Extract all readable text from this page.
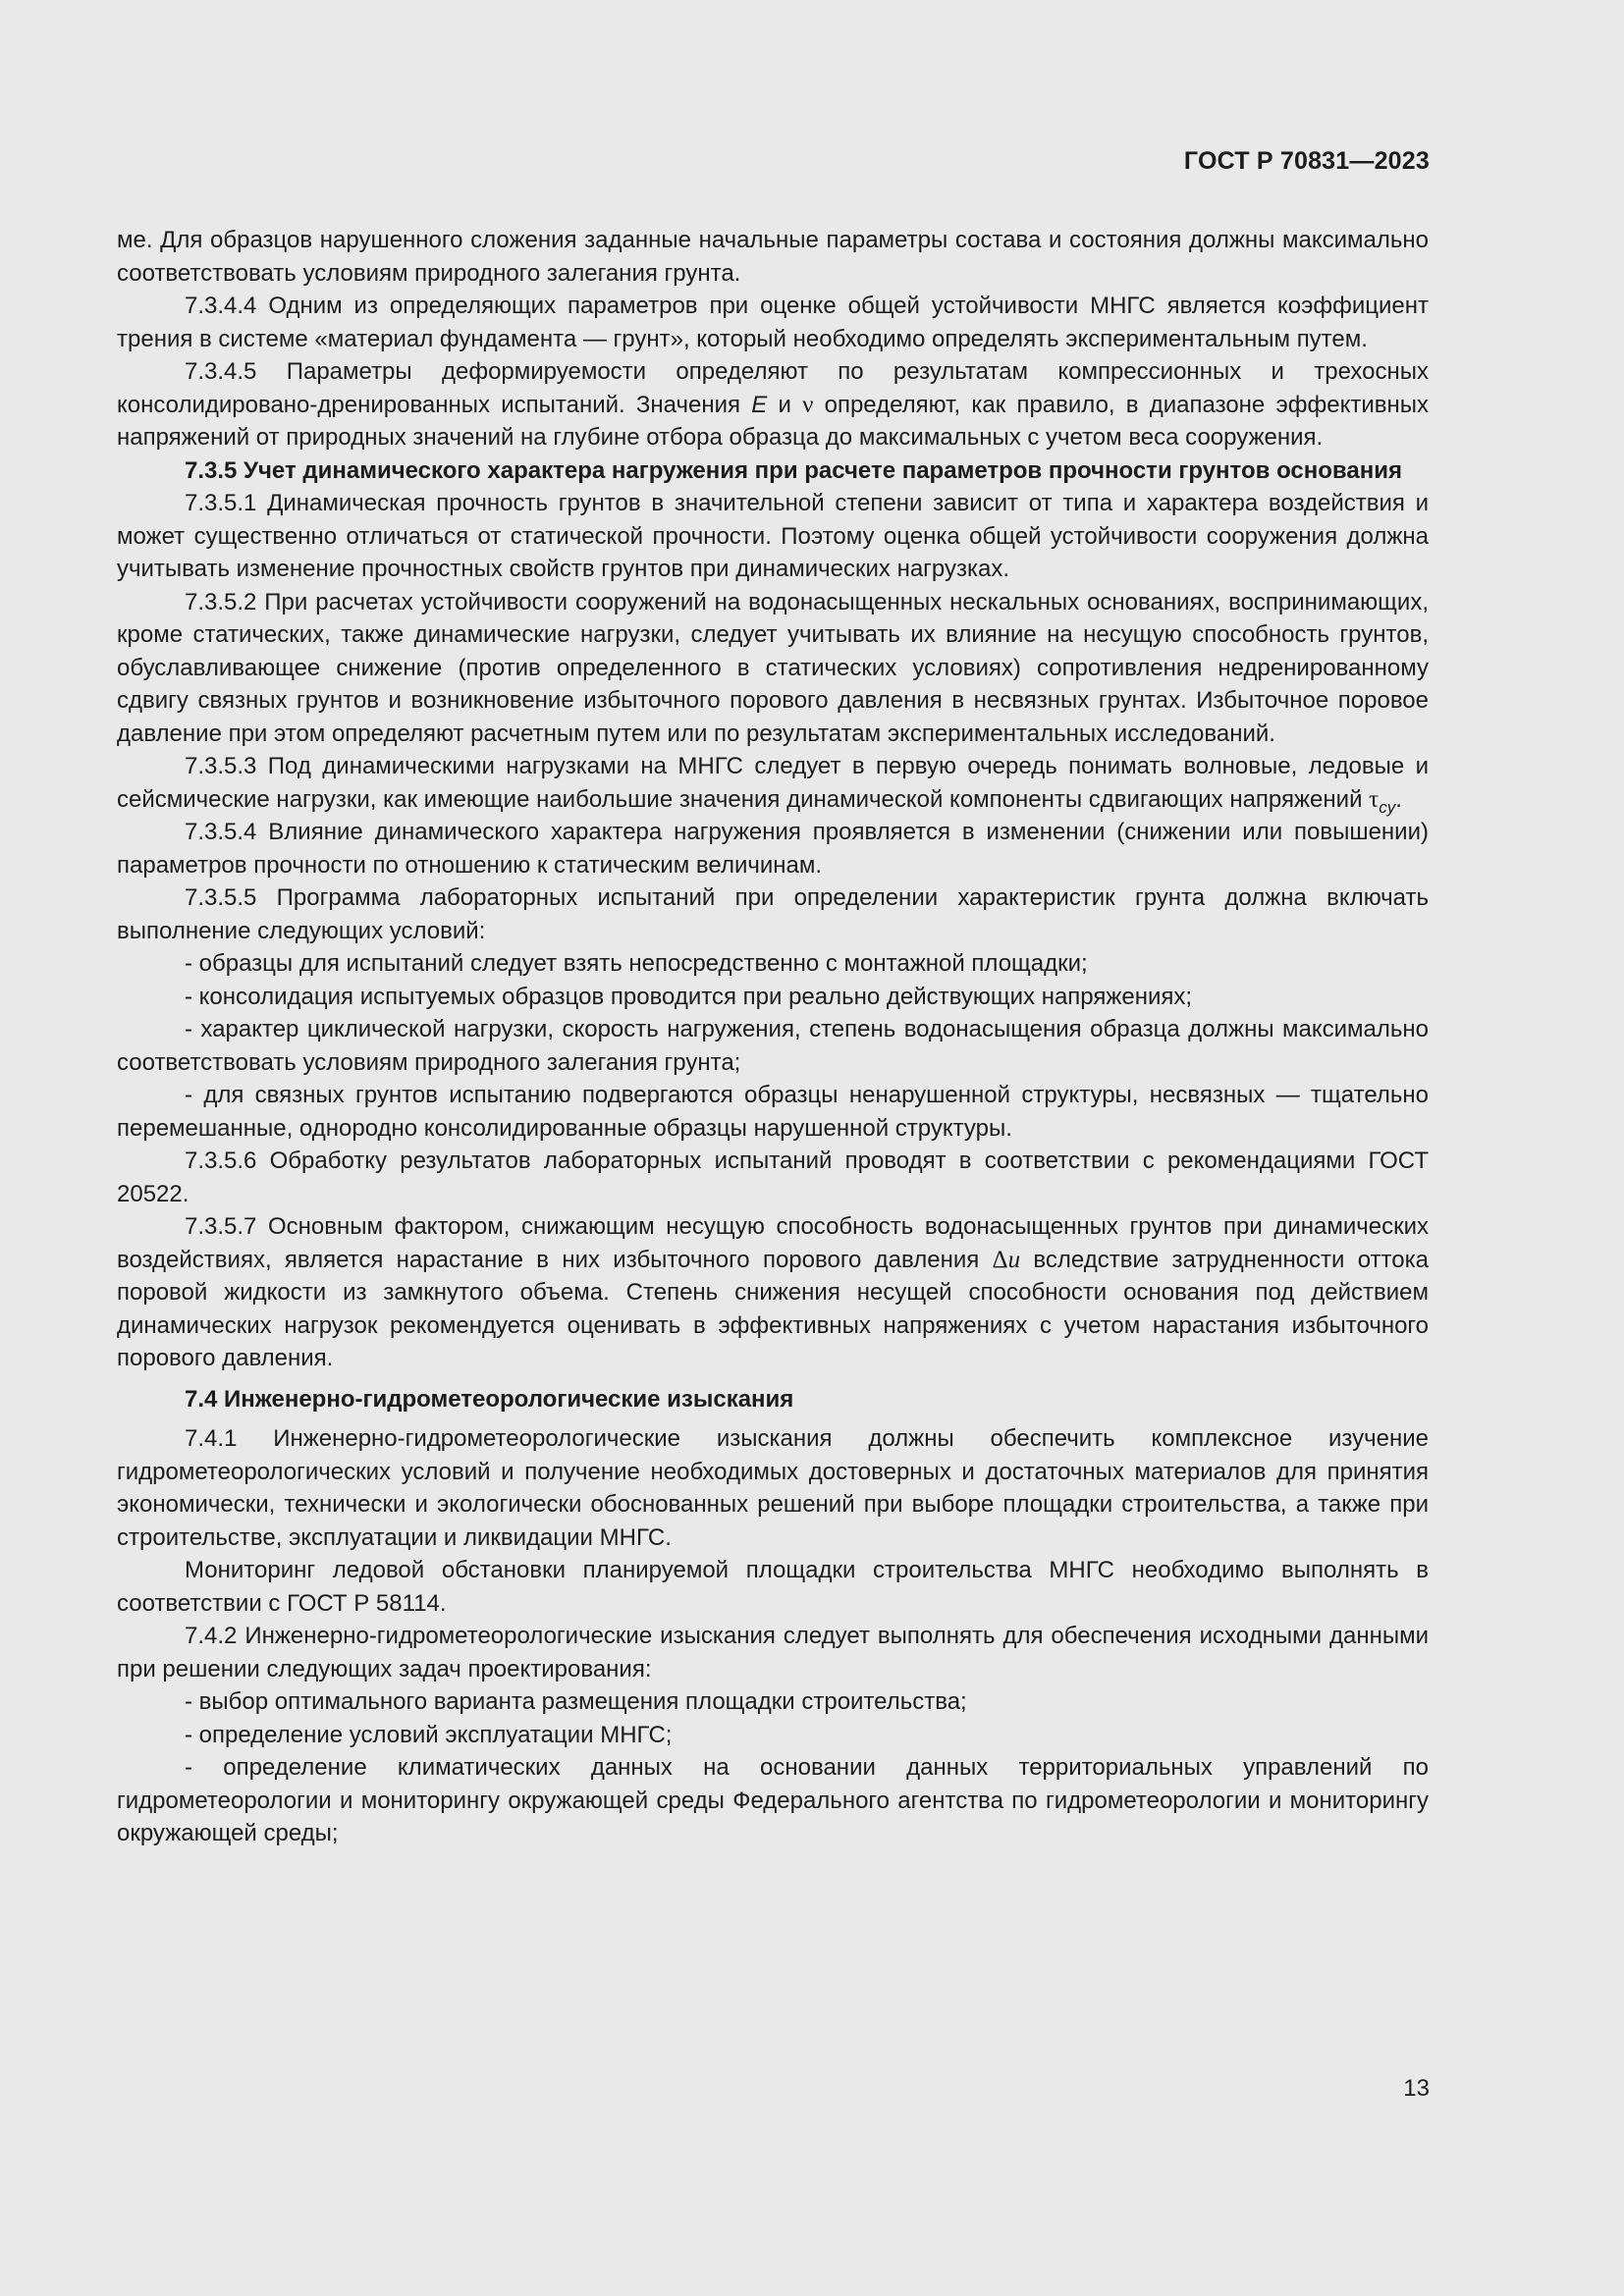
ГОСТ Р 70831—2023

ме. Для образцов нарушенного сложения заданные начальные параметры состава и состояния должны максимально соответствовать условиям природного залегания грунта.

7.3.4.4 Одним из определяющих параметров при оценке общей устойчивости МНГС является коэффициент трения в системе «материал фундамента — грунт», который необходимо определять экспериментальным путем.

7.3.4.5 Параметры деформируемости определяют по результатам компрессионных и трехосных консолидировано-дренированных испытаний. Значения E и ν определяют, как правило, в диапазоне эффективных напряжений от природных значений на глубине отбора образца до максимальных с учетом веса сооружения.

7.3.5 Учет динамического характера нагружения при расчете параметров прочности грунтов основания

7.3.5.1 Динамическая прочность грунтов в значительной степени зависит от типа и характера воздействия и может существенно отличаться от статической прочности. Поэтому оценка общей устойчивости сооружения должна учитывать изменение прочностных свойств грунтов при динамических нагрузках.

7.3.5.2 При расчетах устойчивости сооружений на водонасыщенных нескальных основаниях, воспринимающих, кроме статических, также динамические нагрузки, следует учитывать их влияние на несущую способность грунтов, обуславливающее снижение (против определенного в статических условиях) сопротивления недренированному сдвигу связных грунтов и возникновение избыточного порового давления в несвязных грунтах. Избыточное поровое давление при этом определяют расчетным путем или по результатам экспериментальных исследований.

7.3.5.3 Под динамическими нагрузками на МНГС следует в первую очередь понимать волновые, ледовые и сейсмические нагрузки, как имеющие наибольшие значения динамической компоненты сдвигающих напряжений $\tau_{cy}$.

7.3.5.4 Влияние динамического характера нагружения проявляется в изменении (снижении или повышении) параметров прочности по отношению к статическим величинам.

7.3.5.5 Программа лабораторных испытаний при определении характеристик грунта должна включать выполнение следующих условий:

- образцы для испытаний следует взять непосредственно с монтажной площадки;

- консолидация испытуемых образцов проводится при реально действующих напряжениях;

- характер циклической нагрузки, скорость нагружения, степень водонасыщения образца должны максимально соответствовать условиям природного залегания грунта;

- для связных грунтов испытанию подвергаются образцы ненарушенной структуры, несвязных — тщательно перемешанные, однородно консолидированные образцы нарушенной структуры.

7.3.5.6 Обработку результатов лабораторных испытаний проводят в соответствии с рекомендациями ГОСТ 20522.

7.3.5.7 Основным фактором, снижающим несущую способность водонасыщенных грунтов при динамических воздействиях, является нарастание в них избыточного порового давления Δu вследствие затрудненности оттока поровой жидкости из замкнутого объема. Степень снижения несущей способности основания под действием динамических нагрузок рекомендуется оценивать в эффективных напряжениях с учетом нарастания избыточного порового давления.

7.4 Инженерно-гидрометеорологические изыскания

7.4.1 Инженерно-гидрометеорологические изыскания должны обеспечить комплексное изучение гидрометеорологических условий и получение необходимых достоверных и достаточных материалов для принятия экономически, технически и экологически обоснованных решений при выборе площадки строительства, а также при строительстве, эксплуатации и ликвидации МНГС.

Мониторинг ледовой обстановки планируемой площадки строительства МНГС необходимо выполнять в соответствии с ГОСТ Р 58114.

7.4.2 Инженерно-гидрометеорологические изыскания следует выполнять для обеспечения исходными данными при решении следующих задач проектирования:

- выбор оптимального варианта размещения площадки строительства;

- определение условий эксплуатации МНГС;

- определение климатических данных на основании данных территориальных управлений по гидрометеорологии и мониторингу окружающей среды Федерального агентства по гидрометеорологии и мониторингу окружающей среды;

13
